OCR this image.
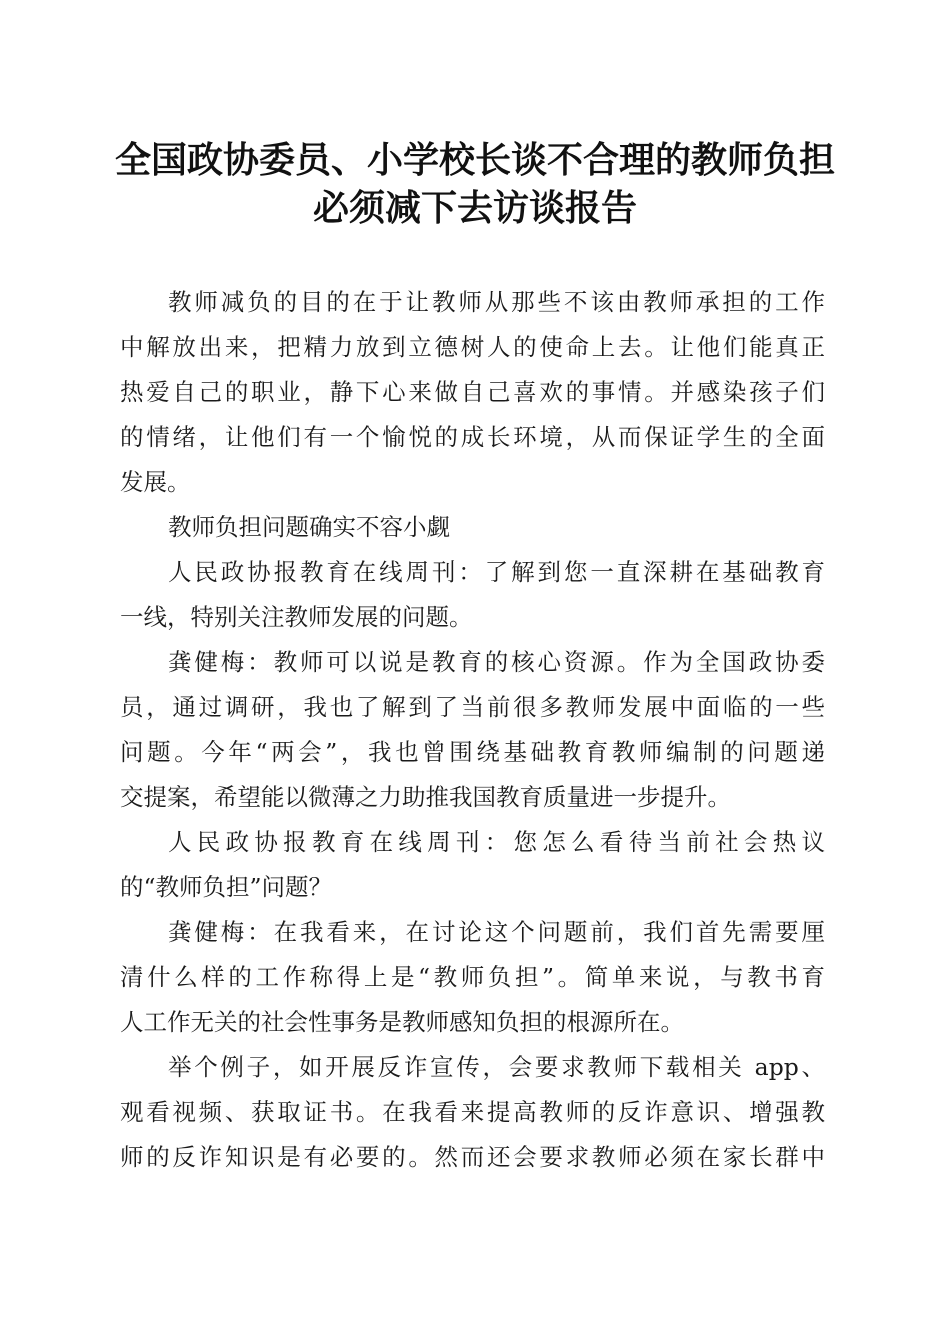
全国政协委员、小学校长谈不合理的教师负担
必须减下去访谈报告

教师减负的目的在于让教师从那些不该由教师承担的工作
中解放出来，把精力放到立德树人的使命上去。让他们能真正
热爱自己的职业，静下心来做自己喜欢的事情。并感染孩子们
的情绪，让他们有一个愉悦的成长环境，从而保证学生的全面
发展。

教师负担问题确实不容小觑

人民政协报教育在线周刊：了解到您一直深耕在基础教育
一线，特别关注教师发展的问题。

龚健梅：教师可以说是教育的核心资源。作为全国政协委
员，通过调研，我也了解到了当前很多教师发展中面临的一些
问题。今年“两会”，我也曾围绕基础教育教师编制的问题递
交提案，希望能以微薄之力助推我国教育质量进一步提升。

人民政协报教育在线周刊：您怎么看待当前社会热议
的“教师负担”问题？

龚健梅：在我看来，在讨论这个问题前，我们首先需要厘
清什么样的工作称得上是“教师负担”。简单来说，与教书育
人工作无关的社会性事务是教师感知负担的根源所在。

举个例子，如开展反诈宣传，会要求教师下载相关 app、
观看视频、获取证书。在我看来提高教师的反诈意识、增强教
师的反诈知识是有必要的。然而还会要求教师必须在家长群中
